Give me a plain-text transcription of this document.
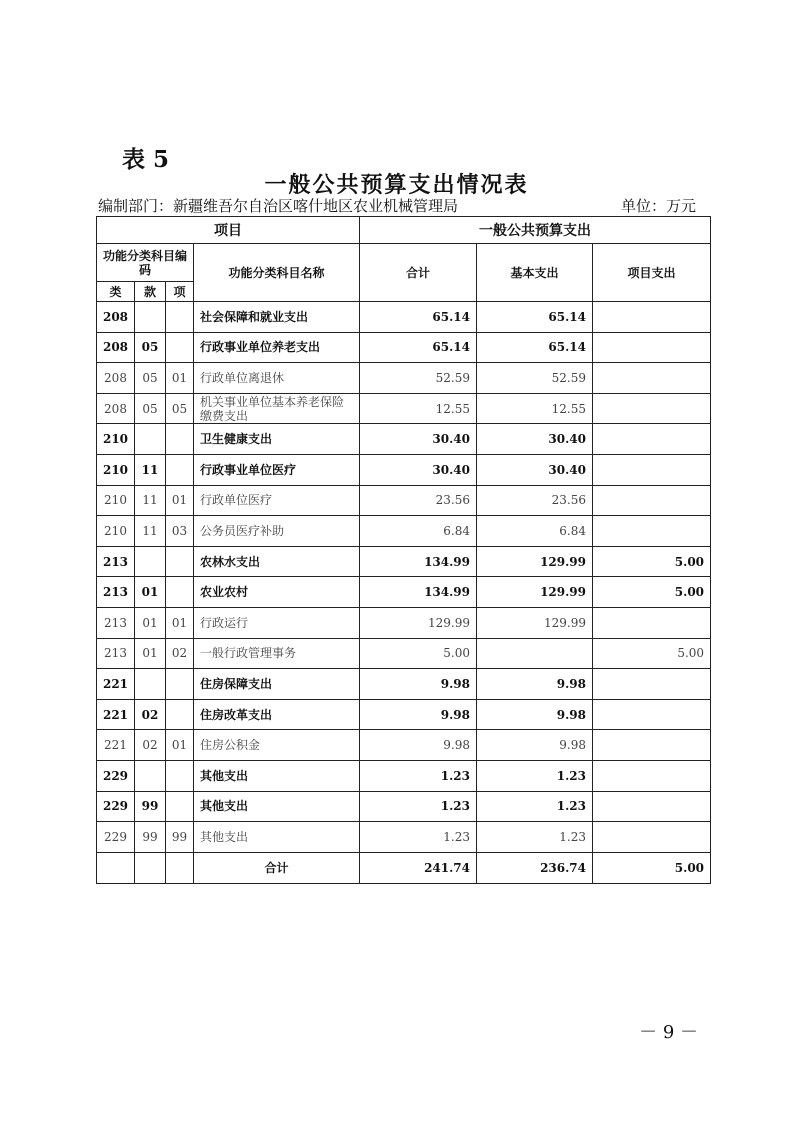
表 5
一般公共预算支出情况表
编制部门：新疆维吾尔自治区喀什地区农业机械管理局	单位：万元
项目				一般公共预算支出		
功能分类科目编码			功能分类科目名称	合计	基本支出	项目支出
类	款	项				
208			社会保障和就业支出	65.14	65.14	
208	05		行政事业单位养老支出	65.14	65.14	
208	05	01	行政单位离退休	52.59	52.59	
208	05	05	机关事业单位基本养老保险缴费支出	12.55	12.55	
210			卫生健康支出	30.40	30.40	
210	11		行政事业单位医疗	30.40	30.40	
210	11	01	行政单位医疗	23.56	23.56	
210	11	03	公务员医疗补助	6.84	6.84	
213			农林水支出	134.99	129.99	5.00
213	01		农业农村	134.99	129.99	5.00
213	01	01	行政运行	129.99	129.99	
213	01	02	一般行政管理事务	5.00		5.00
221			住房保障支出	9.98	9.98	
221	02		住房改革支出	9.98	9.98	
221	02	01	住房公积金	9.98	9.98	
229			其他支出	1.23	1.23	
229	99		其他支出	1.23	1.23	
229	99	99	其他支出	1.23	1.23	
			合计	241.74	236.74	5.00
－ 9 －
